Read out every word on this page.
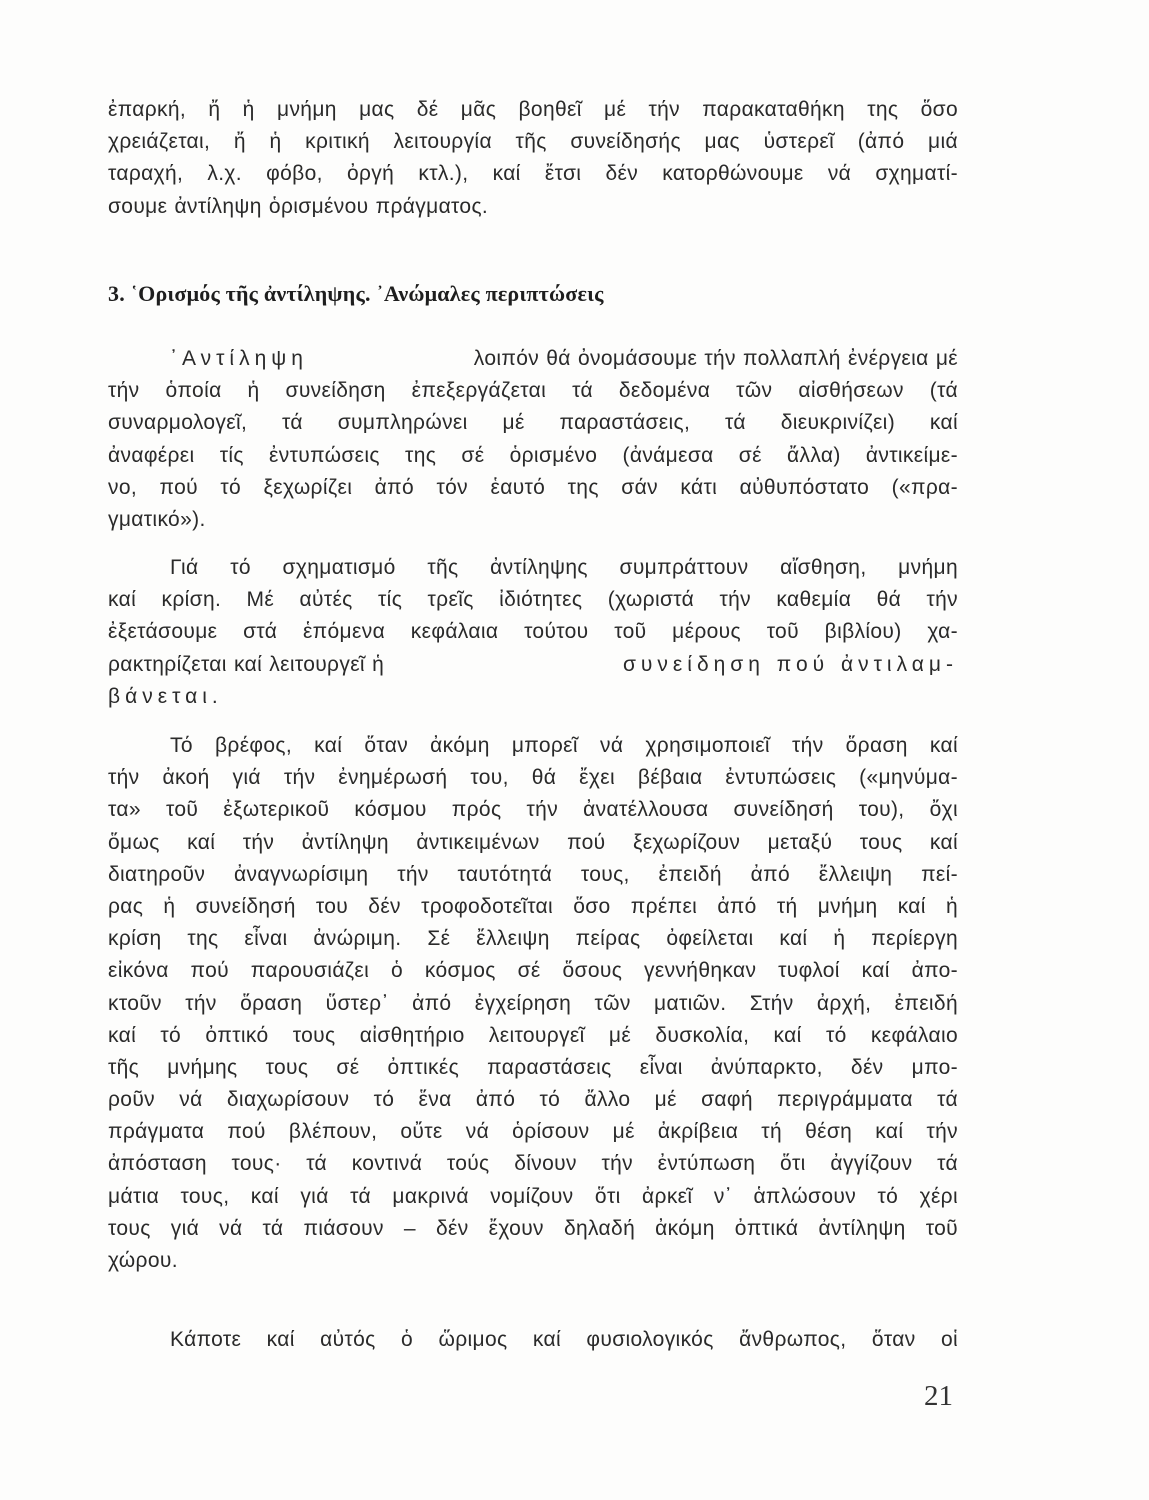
ἐπαρκή, ἤ ἡ μνήμη μας δέ μᾶς βοηθεῖ μέ τήν παρακαταθήκη της ὅσο
χρειάζεται, ἤ ἡ κριτική λειτουργία τῆς συνείδησής μας ὑστερεῖ (ἀπό μιά
ταραχή, λ.χ. φόβο, ὀργή κτλ.), καί ἔτσι δέν κατορθώνουμε νά σχηματί-
σουμε ἀντίληψη ὁρισμένου πράγματος.
3. ῾Ορισμός τῆς ἀντίληψης. ᾿Ανώμαλες περιπτώσεις
᾿Αντίληψη	λοιπόν θά ὀνομάσουμε τήν πολλαπλή ἐνέργεια μέ
τήν ὁποία ἡ συνείδηση ἐπεξεργάζεται τά δεδομένα τῶν αἰσθήσεων (τά
συναρμολογεῖ, τά συμπληρώνει μέ παραστάσεις, τά διευκρινίζει) καί
ἀναφέρει τίς ἐντυπώσεις της σέ ὁρισμένο (ἀνάμεσα σέ ἄλλα) ἀντικείμε-
νο, πού τό ξεχωρίζει ἀπό τόν ἑαυτό της σάν κάτι αὐθυπόστατο («πρα-
γματικό»).
Γιά τό σχηματισμό τῆς ἀντίληψης συμπράττουν αἴσθηση, μνήμη
καί κρίση. Μέ αὐτές τίς τρεῖς ἰδιότητες (χωριστά τήν καθεμία θά τήν
ἐξετάσουμε στά ἑπόμενα κεφάλαια τούτου τοῦ μέρους τοῦ βιβλίου) χα-
ρακτηρίζεται καί λειτουργεῖ ἡ	συνείδηση πού ἀντιλαμ-
βάνεται.
Τό βρέφος, καί ὅταν ἀκόμη μπορεῖ νά χρησιμοποιεῖ τήν ὅραση καί
τήν ἀκοή γιά τήν ἐνημέρωσή του, θά ἔχει βέβαια ἐντυπώσεις («μηνύμα-
τα» τοῦ ἐξωτερικοῦ κόσμου πρός τήν ἀνατέλλουσα συνείδησή του), ὄχι
ὅμως καί τήν ἀντίληψη ἀντικειμένων πού ξεχωρίζουν μεταξύ τους καί
διατηροῦν ἀναγνωρίσιμη τήν ταυτότητά τους, ἐπειδή ἀπό ἔλλειψη πεί-
ρας ἡ συνείδησή του δέν τροφοδοτεῖται ὅσο πρέπει ἀπό τή μνήμη καί ἡ
κρίση της εἶναι ἀνώριμη. Σέ ἔλλειψη πείρας ὀφείλεται καί ἡ περίεργη
εἰκόνα πού παρουσιάζει ὁ κόσμος σέ ὅσους γεννήθηκαν τυφλοί καί ἀπο-
κτοῦν τήν ὅραση ὕστερ᾿ ἀπό ἐγχείρηση τῶν ματιῶν. Στήν ἀρχή, ἐπειδή
καί τό ὀπτικό τους αἰσθητήριο λειτουργεῖ μέ δυσκολία, καί τό κεφάλαιο
τῆς μνήμης τους σέ ὀπτικές παραστάσεις εἶναι ἀνύπαρκτο, δέν μπο-
ροῦν νά διαχωρίσουν τό ἕνα ἀπό τό ἄλλο μέ σαφή περιγράμματα τά
πράγματα πού βλέπουν, οὔτε νά ὁρίσουν μέ ἀκρίβεια τή θέση καί τήν
ἀπόσταση τους· τά κοντινά τούς δίνουν τήν ἐντύπωση ὅτι ἀγγίζουν τά
μάτια τους, καί γιά τά μακρινά νομίζουν ὅτι ἀρκεῖ ν᾿ ἁπλώσουν τό χέρι
τους γιά νά τά πιάσουν – δέν ἔχουν δηλαδή ἀκόμη ὀπτικά ἀντίληψη τοῦ
χώρου.
Κάποτε καί αὐτός ὁ ὥριμος καί φυσιολογικός ἄνθρωπος, ὅταν οἱ
21
